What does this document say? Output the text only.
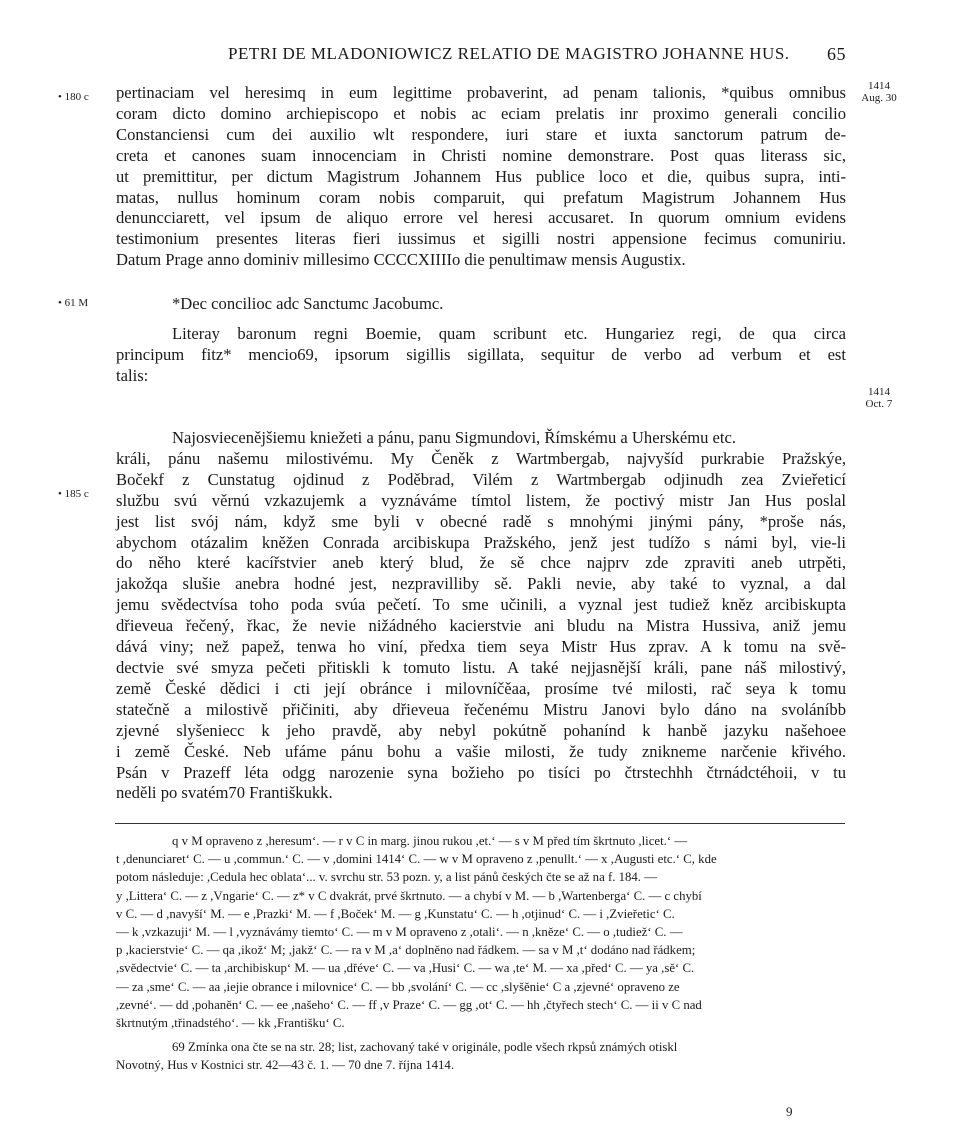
PETRI DE MLADONIOWICZ RELATIO DE MAGISTRO JOHANNE HUS. 65
• 180 c
• 61 M
• 185 c
1414
Aug. 30
1414
Oct. 7
pertinaciam vel heresimq in eum legittime probaverint, ad penam talionis, *quibus omnibus
coram dicto domino archiepiscopo et nobis ac eciam prelatis inr proximo generali concilio
Constanciensi cum dei auxilio wlt respondere, iuri stare et iuxta sanctorum patrum de-
creta et canones suam innocenciam in Christi nomine demonstrare. Post quas literass sic,
ut premittitur, per dictum Magistrum Johannem Hus publice loco et die, quibus supra, inti-
matas, nullus hominum coram nobis comparuit, qui prefatum Magistrum Johannem Hus
denuncciarett, vel ipsum de aliquo errore vel heresi accusaret. In quorum omnium evidens
testimonium presentes literas fieri iussimus et sigilli nostri appensione fecimus comuniriu.
Datum Prage anno dominiv millesimo CCCCXIIIIo die penultimaw mensis Augustix.
*Dec concilioc adc Sanctumc Jacobumc.
Literay baronum regni Boemie, quam scribunt etc. Hungariez regi, de qua circa
principum fitz* mencio69, ipsorum sigillis sigillata, sequitur de verbo ad verbum et est
talis:
Najosviecenějšiemu kniežeti a pánu, panu Sigmundovi, Římskému a Uherskému etc.
králi, pánu našemu milostivému. My Čeněk z Wartmbergab, najvyšíd purkrabie Pražskýe,
Bočekf z Cunstatug ojdinud z Poděbrad, Vilém z Wartmbergab odjinudh zea Zvieřeticí
službu svú věrnú vzkazujemk a vyznáváme tímtol listem, že poctivý mistr Jan Hus poslal
jest list svój nám, když sme byli v obecné radě s mnohými jinými pány, *proše nás,
abychom otázalim kněžen Conrada arcibiskupa Pražského, jenž jest tudížo s námi byl, vie-li
do něho které kacířstvier aneb který blud, že sě chce najprv zde zpraviti aneb utrpěti,
jakožqa slušie anebra hodné jest, nezpravilliby sě. Pakli nevie, aby také to vyznal, a dal
jemu svědectvísa toho poda svúa pečetí. To sme učinili, a vyznal jest tudiež kněz arcibiskupta
dřieveua řečený, řkac, že nevie nižádného kacierstvie ani bludu na Mistra Hussiva, aniž jemu
dává viny; než papež, tenwa ho viní, předxa tiem seya Mistr Hus zprav. A k tomu na svě-
dectvie své smyza pečeti přitiskli k tomuto listu. A také nejjasnější králi, pane náš milostivý,
země České dědici i cti její obránce i milovníčěaa, prosíme tvé milosti, rač seya k tomu
statečně a milostivě přičiniti, aby dřieveua řečenému Mistru Janovi bylo dáno na svoláníbb
zjevné slyšeniecc k jeho pravdě, aby nebyl pokútně pohanínd k hanbě jazyku našehoee
i země České. Neb ufáme pánu bohu a vašie milosti, že tudy znikneme narčenie křivého.
Psán v Prazeff léta odgg narozenie syna božieho po tisíci po čtrstechhh čtrnádctéhoii, v tu
neděli po svatém70 Františkukk.
q v M opraveno z ,heresum‘. — r v C in marg. jinou rukou ,et.‘ — s v M před tím škrtnuto ,licet.‘ —
t ,denunciaret‘ C. — u ,commun.‘ C. — v ,domini 1414‘ C. — w v M opraveno z ,penullt.‘ — x ,Augusti etc.‘ C, kde
potom následuje: ,Cedula hec oblata‘... v. svrchu str. 53 pozn. y, a list pánů českých čte se až na f. 184. —
y ,Littera‘ C. — z ,Vngarie‘ C. — z* v C dvakrát, prvé škrtnuto. — a chybí v M. — b ,Wartenberga‘ C. — c chybí
v C. — d ,navyší‘ M. — e ,Prazki‘ M. — f ,Boček‘ M. — g ,Kunstatu‘ C. — h ,otjinud‘ C. — i ,Zvieřetic‘ C.
— k ,vzkazuji‘ M. — l ,vyznávámy tiemto‘ C. — m v M opraveno z ,otali‘. — n ,kněze‘ C. — o ,tudiež‘ C. —
p ,kacierstvie‘ C. — qa ,ikož‘ M; ,jakž‘ C. — ra v M ,a‘ doplněno nad řádkem. — sa v M ,t‘ dodáno nad řádkem;
,svědectvie‘ C. — ta ,archibiskup‘ M. — ua ,dřéve‘ C. — va ,Husi‘ C. — wa ,te‘ M. — xa ,před‘ C. — ya ,sě‘ C.
— za ,sme‘ C. — aa ,iejie obrance i milovnice‘ C. — bb ,svolání‘ C. — cc ,slyšěnie‘ C a ,zjevné‘ opraveno ze
,zevné‘. — dd ,pohaněn‘ C. — ee ,našeho‘ C. — ff ,v Praze‘ C. — gg ,ot‘ C. — hh ,čtyřech stech‘ C. — ii v C nad
škrtnutým ,třinadstého‘. — kk ,Františku‘ C.
69 Zmínka ona čte se na str. 28; list, zachovaný také v originále, podle všech rkpsů známých otiskl
Novotný, Hus v Kostnici str. 42—43 č. 1. — 70 dne 7. října 1414.
9
